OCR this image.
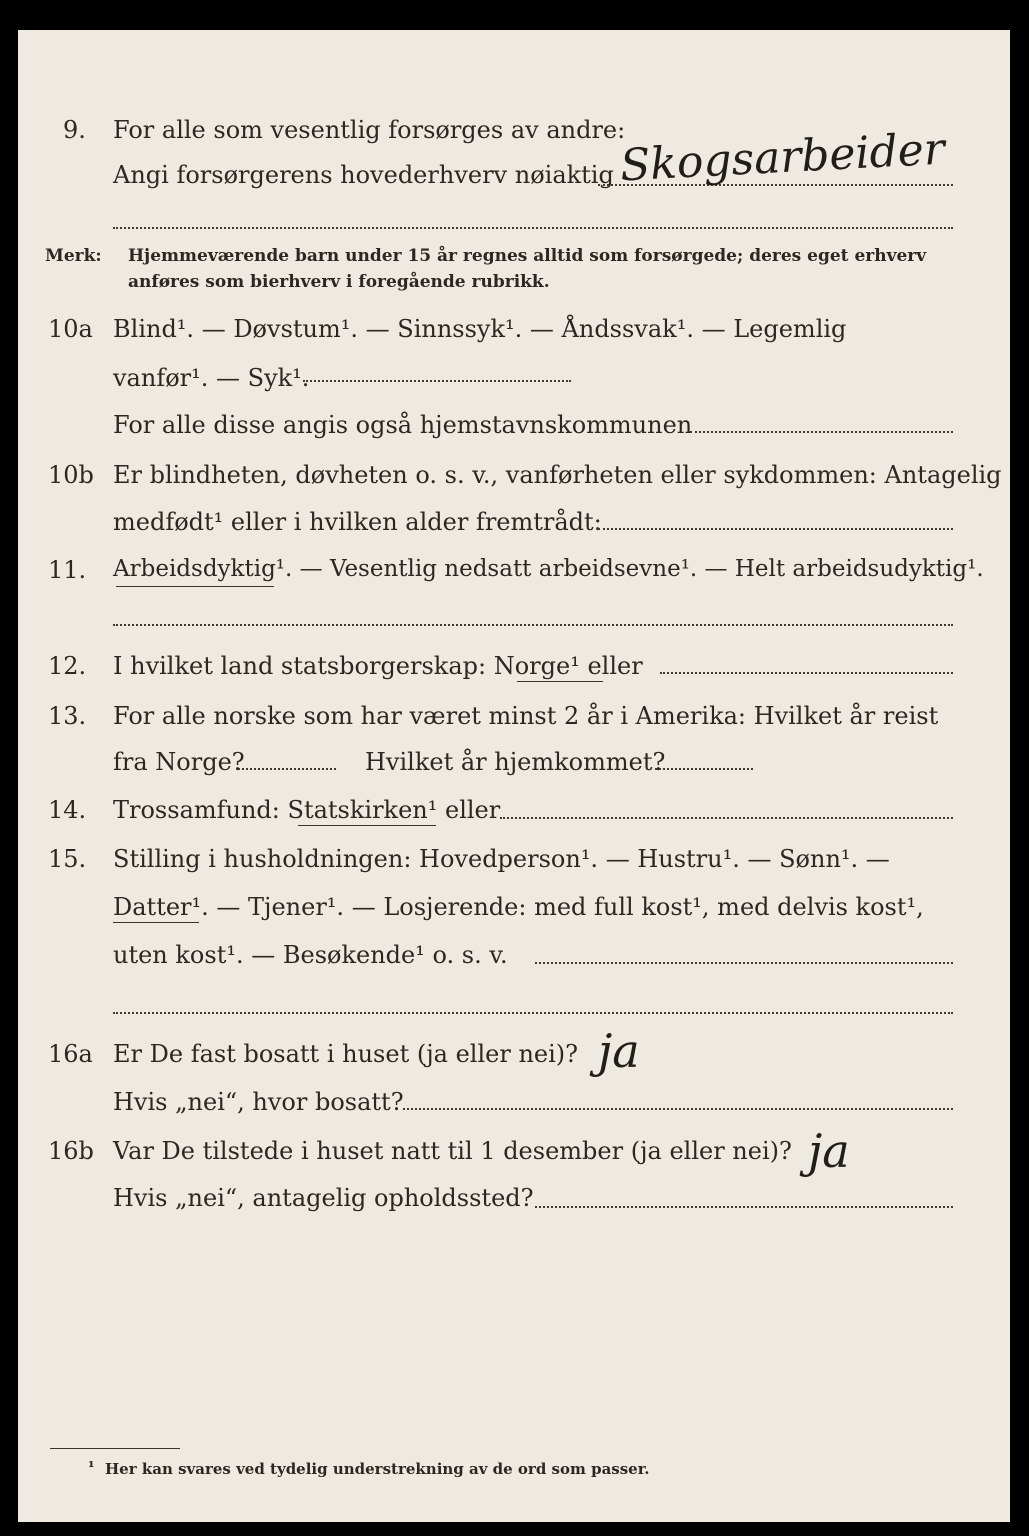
9. For alle som vesentlig forsørges av andre:
Angi forsørgerens hovederhverv nøiaktig Skogsarbeider
Merk: Hjemmeværende barn under 15 år regnes alltid som forsørgede; deres eget erhverv
anføres som bierhverv i foregående rubrikk.
10a Blind¹. — Døvstum¹. — Sinnssyk¹. — Åndssvak¹. — Legemlig
vanfør¹. — Syk¹.
For alle disse angis også hjemstavnskommunen
10b Er blindheten, døvheten o. s. v., vanførheten eller sykdommen: Antagelig
medfødt¹ eller i hvilken alder fremtrådt:
11. Arbeidsdyktig¹. — Vesentlig nedsatt arbeidsevne¹. — Helt arbeidsudyktig¹.
12. I hvilket land statsborgerskap: Norge¹ eller
13. For alle norske som har været minst 2 år i Amerika: Hvilket år reist
fra Norge?	Hvilket år hjemkommet?
14. Trossamfund: Statskirken¹ eller
15. Stilling i husholdningen: Hovedperson¹. — Hustru¹. — Sønn¹. —
Datter¹. — Tjener¹. — Losjerende: med full kost¹, med delvis kost¹,
uten kost¹. — Besøkende¹ o. s. v.
16a Er De fast bosatt i huset (ja eller nei)? ja
Hvis „nei“, hvor bosatt?
16b Var De tilstede i huset natt til 1 desember (ja eller nei)? ja
Hvis „nei“, antagelig opholdssted?
¹ Her kan svares ved tydelig understrekning av de ord som passer.
